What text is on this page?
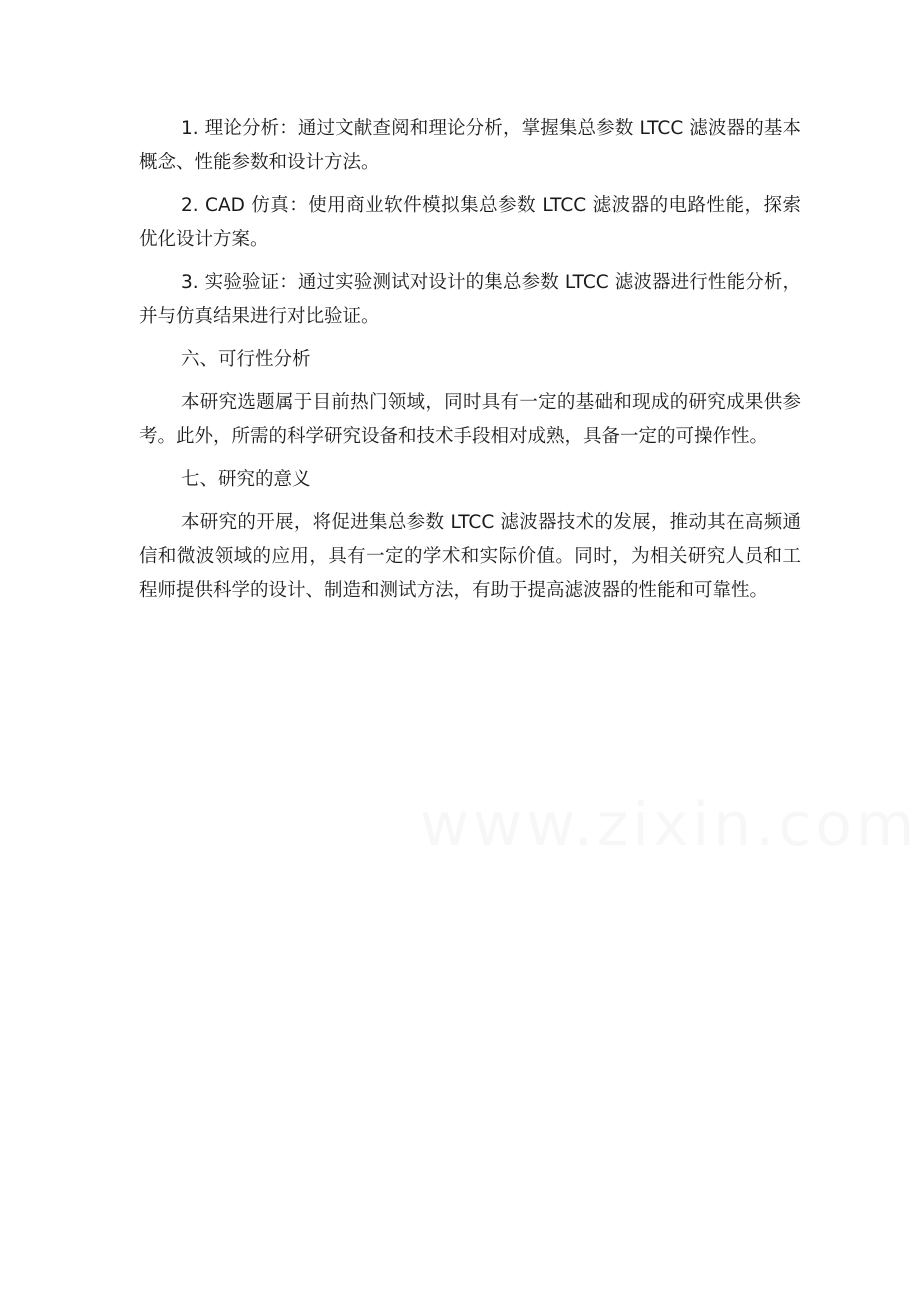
1. 理论分析：通过文献查阅和理论分析，掌握集总参数 LTCC 滤波器的基本概念、性能参数和设计方法。

2. CAD 仿真：使用商业软件模拟集总参数 LTCC 滤波器的电路性能，探索优化设计方案。

3. 实验验证：通过实验测试对设计的集总参数 LTCC 滤波器进行性能分析，并与仿真结果进行对比验证。

六、可行性分析

本研究选题属于目前热门领域，同时具有一定的基础和现成的研究成果供参考。此外，所需的科学研究设备和技术手段相对成熟，具备一定的可操作性。

七、研究的意义

本研究的开展，将促进集总参数 LTCC 滤波器技术的发展，推动其在高频通信和微波领域的应用，具有一定的学术和实际价值。同时，为相关研究人员和工程师提供科学的设计、制造和测试方法，有助于提高滤波器的性能和可靠性。
